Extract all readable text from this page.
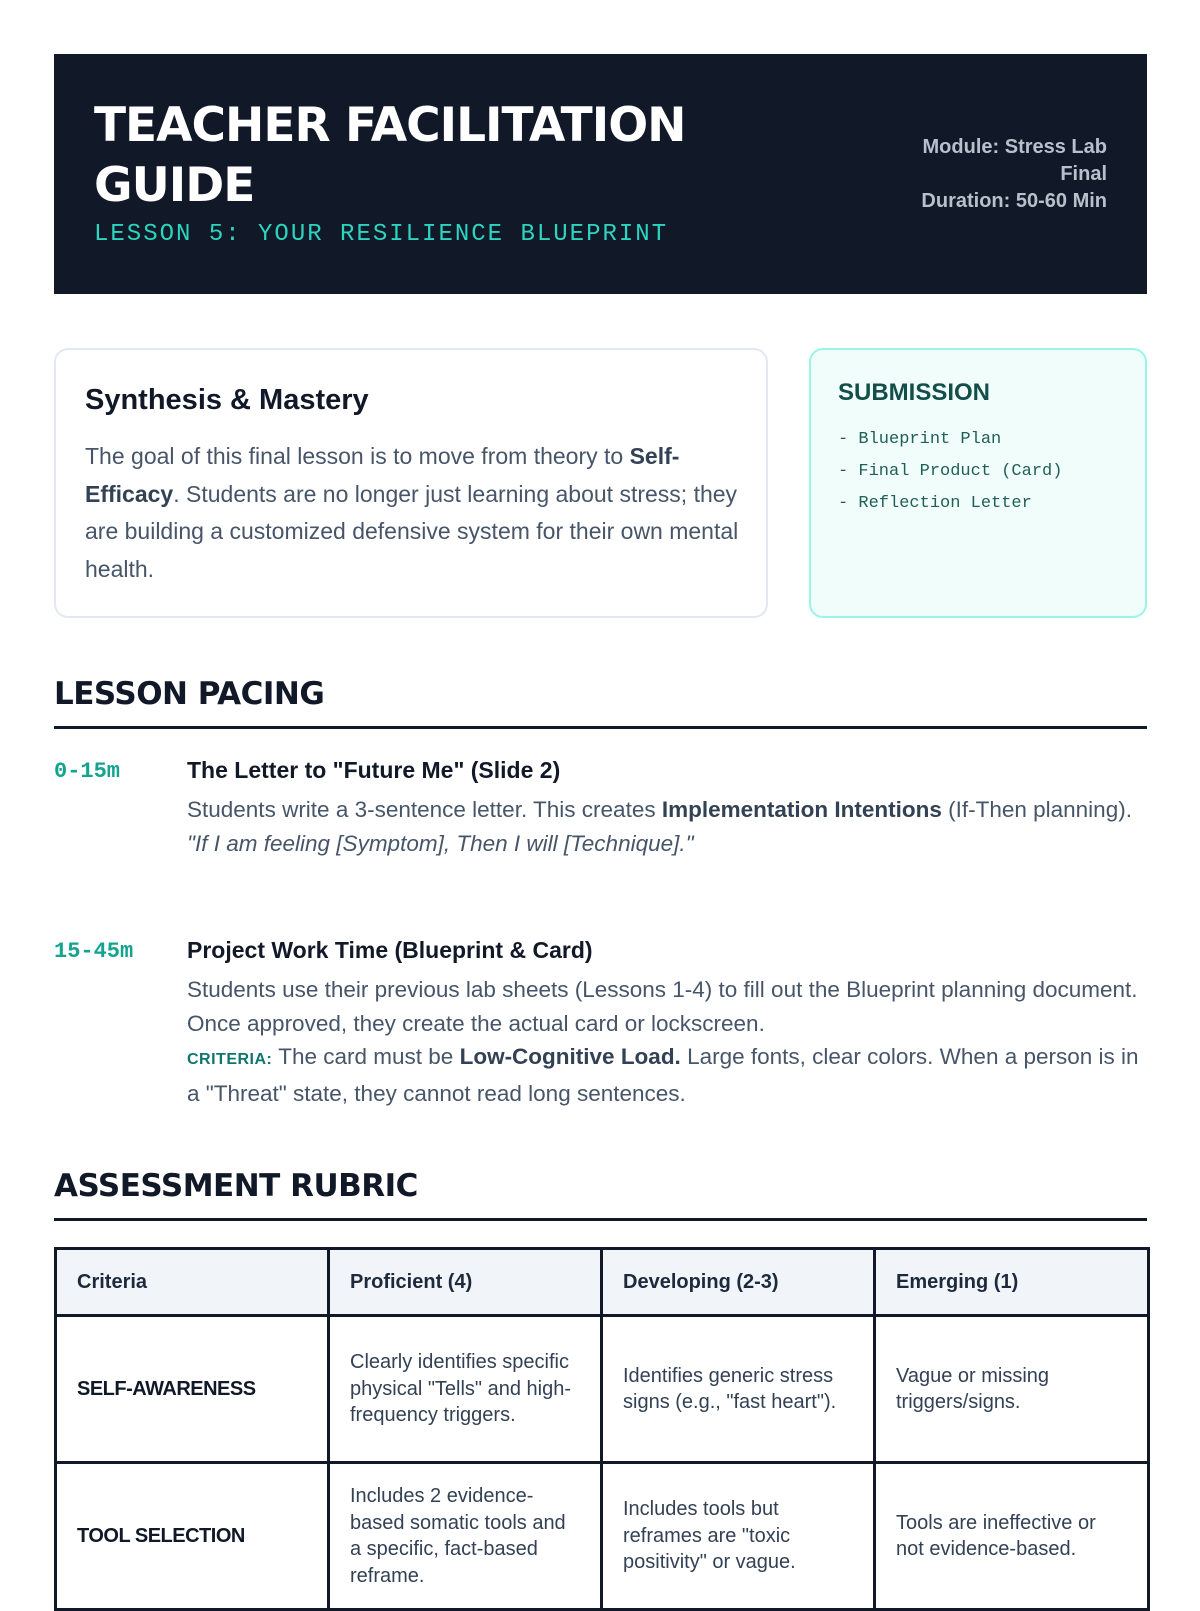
TEACHER FACILITATION GUIDE

LESSON 5: YOUR RESILIENCE BLUEPRINT

Module: Stress Lab
Final
Duration: 50-60 Min
Synthesis & Mastery

The goal of this final lesson is to move from theory to Self-Efficacy. Students are no longer just learning about stress; they are building a customized defensive system for their own mental health.

SUBMISSION
- Blueprint Plan
- Final Product (Card)
- Reflection Letter
LESSON PACING
0-15m	The Letter to "Future Me" (Slide 2)

Students write a 3-sentence letter. This creates Implementation Intentions (If-Then planning).

"If I am feeling [Symptom], Then I will [Technique]."

15-45m Project Work Time (Blueprint & Card)

Students use their previous lab sheets (Lessons 1-4) to fill out the Blueprint planning document. Once approved, they create the actual card or lockscreen.

CRITERIA: The card must be Low-Cognitive Load. Large fonts, clear colors. When a person is in a "Threat" state, they cannot read long sentences.

ASSESSMENT RUBRIC
Criteria	Proficient (4)	Developing (2-3)	Emerging (1)
SELF-AWARENESS	Clearly identifies specific physical "Tells" and high-frequency triggers.	Identifies generic stress signs (e.g., "fast heart").	Vague or missing triggers/signs.
TOOL SELECTION	Includes 2 evidence-based somatic tools and a specific, fact-based reframe.	Includes tools but reframes are "toxic positivity" or vague.	Tools are ineffective or not evidence-based.
